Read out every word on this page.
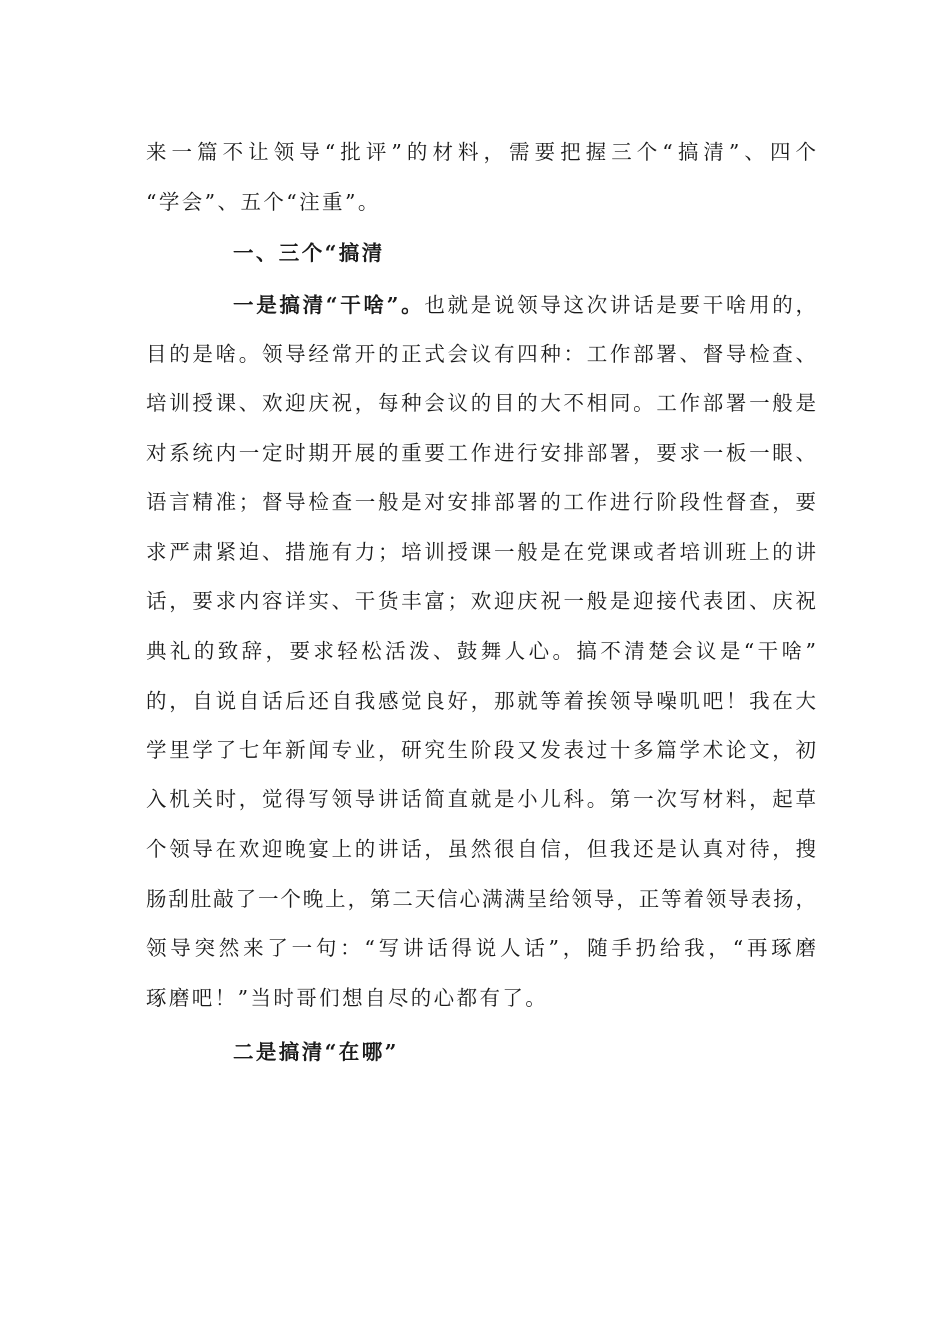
来一篇不让领导“批评”的材料，需要把握三个“搞清”、四个
“学会”、五个“注重”。
一、三个“搞清
一是搞清“干啥”。也就是说领导这次讲话是要干啥用的，
目的是啥。领导经常开的正式会议有四种：工作部署、督导检查、
培训授课、欢迎庆祝，每种会议的目的大不相同。工作部署一般是
对系统内一定时期开展的重要工作进行安排部署，要求一板一眼、
语言精准；督导检查一般是对安排部署的工作进行阶段性督查，要
求严肃紧迫、措施有力；培训授课一般是在党课或者培训班上的讲
话，要求内容详实、干货丰富；欢迎庆祝一般是迎接代表团、庆祝
典礼的致辞，要求轻松活泼、鼓舞人心。搞不清楚会议是“干啥”
的，自说自话后还自我感觉良好，那就等着挨领导噪叽吧！我在大
学里学了七年新闻专业，研究生阶段又发表过十多篇学术论文，初
入机关时，觉得写领导讲话简直就是小儿科。第一次写材料，起草
个领导在欢迎晚宴上的讲话，虽然很自信，但我还是认真对待，搜
肠刮肚敲了一个晚上，第二天信心满满呈给领导，正等着领导表扬，
领导突然来了一句：“写讲话得说人话”，随手扔给我，“再琢磨
琢磨吧！”当时哥们想自尽的心都有了。
二是搞清“在哪”
